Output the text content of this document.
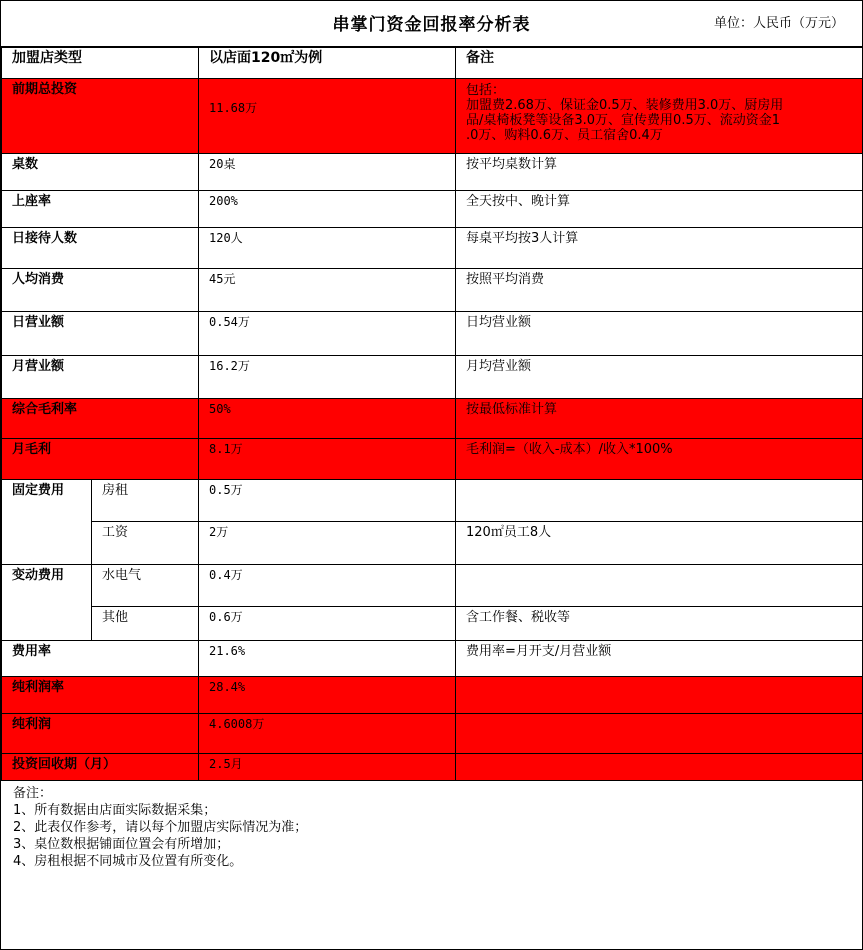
串掌门资金回报率分析表	单位：人民币（万元）
加盟店类型		以店面120㎡为例	备注
前期总投资		11.68万	包括：
加盟费2.68万、保证金0.5万、装修费用3.0万、厨房用
品/桌椅板凳等设备3.0万、宣传费用0.5万、流动资金1
.0万、购料0.6万、员工宿舍0.4万

桌数		20桌	按平均桌数计算
上座率		200%	全天按中、晚计算
日接待人数		120人	每桌平均按3人计算
人均消费		45元	按照平均消费
日营业额		0.54万	日均营业额
月营业额		16.2万	月均营业额
综合毛利率		50%	按最低标准计算
月毛利		8.1万	毛利润=（收入-成本）/收入*100%
固定费用	房租	0.5万	
	工资	2万	120㎡员工8人
变动费用	水电气	0.4万	
	其他	0.6万	含工作餐、税收等
费用率		21.6%	费用率=月开支/月营业额
纯利润率		28.4%	
纯利润		4.6008万	
投资回收期（月）		2.5月	
备注：
1、所有数据由店面实际数据采集；
2、此表仅作参考，请以每个加盟店实际情况为准；
3、桌位数根据铺面位置会有所增加；
4、房租根据不同城市及位置有所变化。
